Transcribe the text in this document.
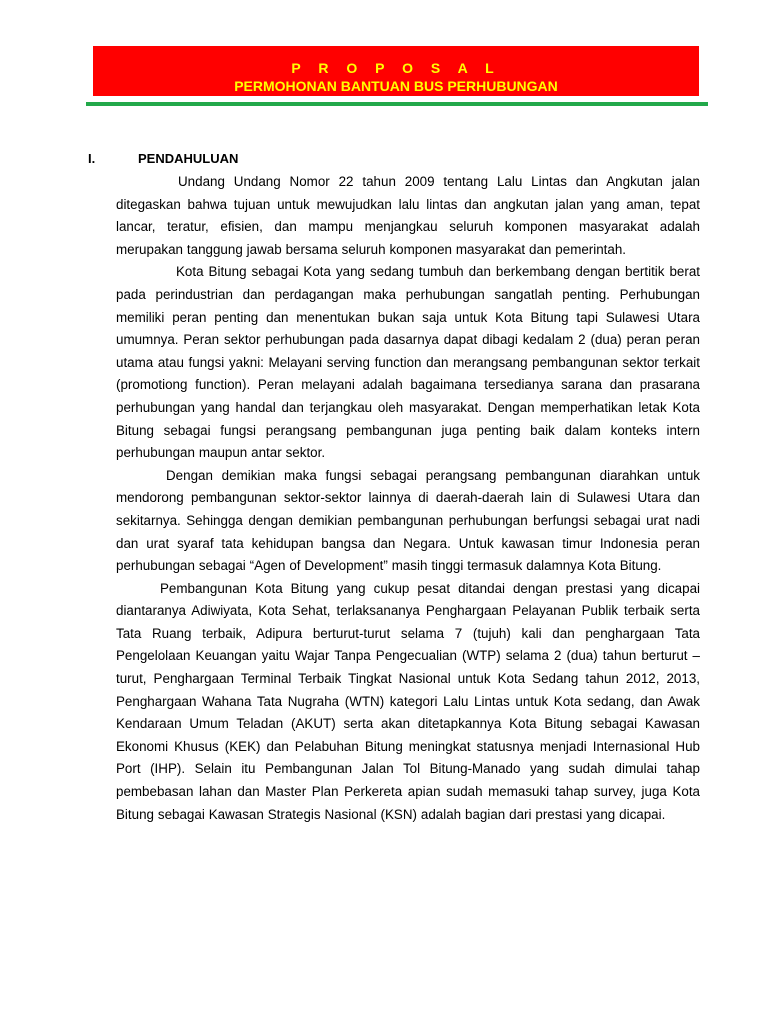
P R O P O S A L
PERMOHONAN BANTUAN BUS PERHUBUNGAN
I.	PENDAHULUAN

Undang Undang Nomor 22 tahun 2009 tentang Lalu Lintas dan Angkutan jalan ditegaskan bahwa tujuan untuk mewujudkan lalu lintas dan angkutan jalan yang aman, tepat lancar, teratur, efisien, dan mampu menjangkau seluruh komponen masyarakat adalah merupakan tanggung jawab bersama seluruh komponen masyarakat dan pemerintah.

Kota Bitung sebagai Kota yang sedang tumbuh dan berkembang dengan bertitik berat pada perindustrian dan perdagangan maka perhubungan sangatlah penting. Perhubungan memiliki peran penting dan menentukan bukan saja untuk Kota Bitung tapi Sulawesi Utara umumnya. Peran sektor perhubungan pada dasarnya dapat dibagi kedalam 2 (dua) peran peran utama atau fungsi yakni: Melayani serving function dan merangsang pembangunan sektor terkait (promotiong function). Peran melayani adalah bagaimana tersedianya sarana dan prasarana perhubungan yang handal dan terjangkau oleh masyarakat. Dengan memperhatikan letak Kota Bitung sebagai fungsi perangsang pembangunan juga penting baik dalam konteks intern perhubungan maupun antar sektor.

Dengan demikian maka fungsi sebagai perangsang pembangunan diarahkan untuk mendorong pembangunan sektor-sektor lainnya di daerah-daerah lain di Sulawesi Utara dan sekitarnya. Sehingga dengan demikian pembangunan perhubungan berfungsi sebagai urat nadi dan urat syaraf tata kehidupan bangsa dan Negara. Untuk kawasan timur Indonesia peran perhubungan sebagai “Agen of Development” masih tinggi termasuk dalamnya Kota Bitung.

Pembangunan Kota Bitung yang cukup pesat ditandai dengan prestasi yang dicapai diantaranya Adiwiyata, Kota Sehat, terlaksananya Penghargaan Pelayanan Publik terbaik serta Tata Ruang terbaik, Adipura berturut-turut selama 7 (tujuh) kali dan penghargaan Tata Pengelolaan Keuangan yaitu Wajar Tanpa Pengecualian (WTP) selama 2 (dua) tahun berturut – turut, Penghargaan Terminal Terbaik Tingkat Nasional untuk Kota Sedang tahun 2012, 2013, Penghargaan Wahana Tata Nugraha (WTN) kategori Lalu Lintas untuk Kota sedang, dan Awak Kendaraan Umum Teladan (AKUT) serta akan ditetapkannya Kota Bitung sebagai Kawasan Ekonomi Khusus (KEK) dan Pelabuhan Bitung meningkat statusnya menjadi Internasional Hub Port (IHP). Selain itu Pembangunan Jalan Tol Bitung-Manado yang sudah dimulai tahap pembebasan lahan dan Master Plan Perkereta apian sudah memasuki tahap survey, juga Kota Bitung sebagai Kawasan Strategis Nasional (KSN) adalah bagian dari prestasi yang dicapai.
